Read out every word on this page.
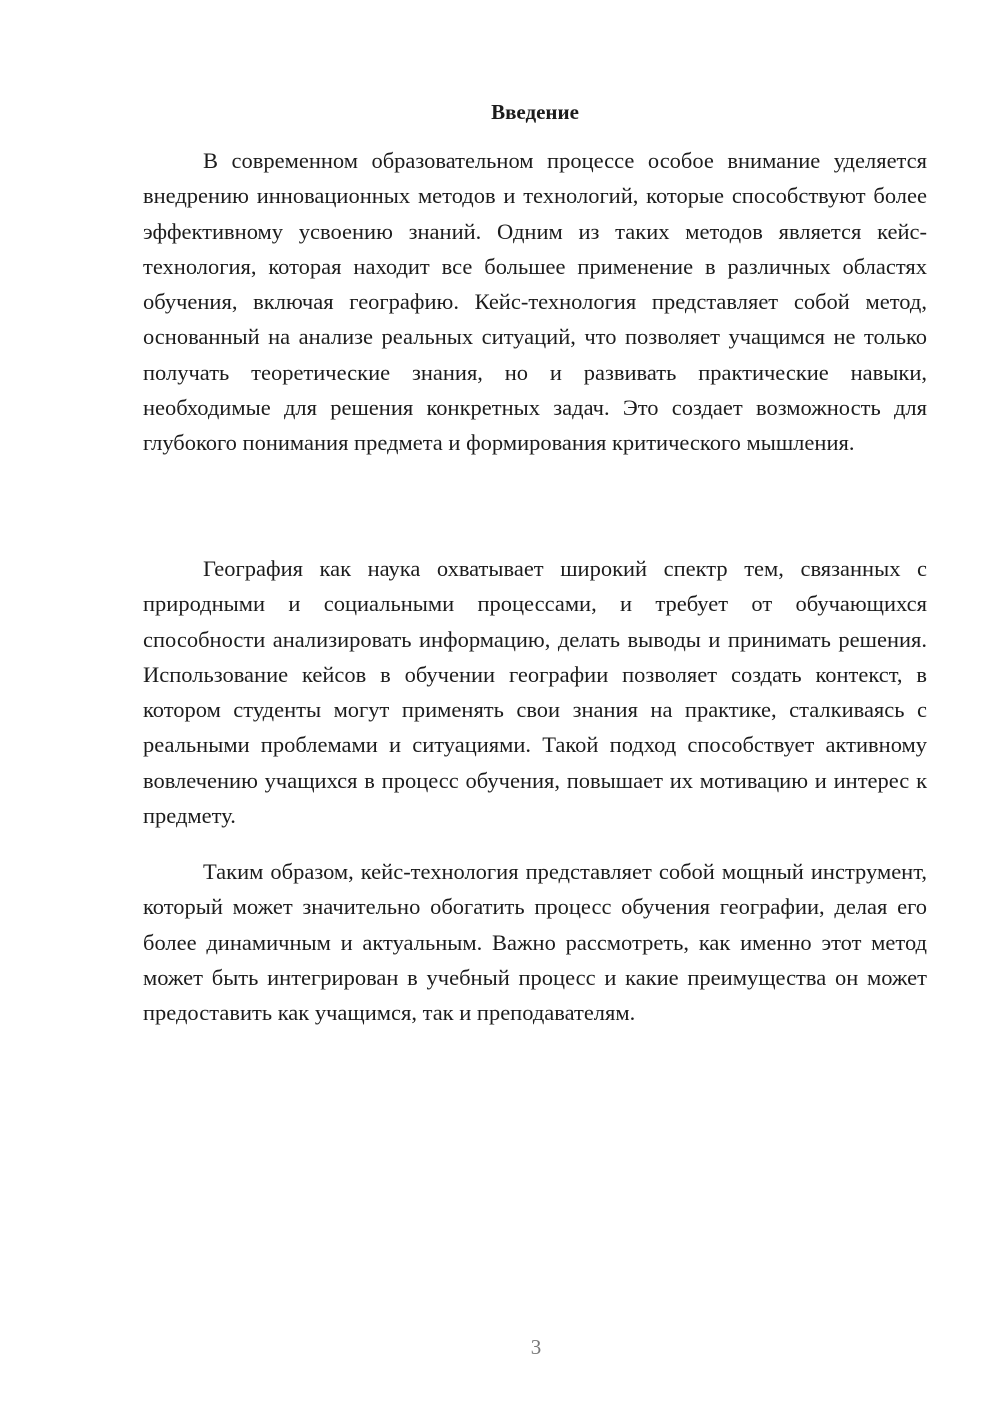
Введение

В современном образовательном процессе особое внимание уделяется внедрению инновационных методов и технологий, которые способствуют более эффективному усвоению знаний. Одним из таких методов является кейс-технология, которая находит все большее применение в различных областях обучения, включая географию. Кейс-технология представляет собой метод, основанный на анализе реальных ситуаций, что позволяет учащимся не только получать теоретические знания, но и развивать практические навыки, необходимые для решения конкретных задач. Это создает возможность для глубокого понимания предмета и формирования критического мышления.

География как наука охватывает широкий спектр тем, связанных с природными и социальными процессами, и требует от обучающихся способности анализировать информацию, делать выводы и принимать решения. Использование кейсов в обучении географии позволяет создать контекст, в котором студенты могут применять свои знания на практике, сталкиваясь с реальными проблемами и ситуациями. Такой подход способствует активному вовлечению учащихся в процесс обучения, повышает их мотивацию и интерес к предмету.

Таким образом, кейс-технология представляет собой мощный инструмент, который может значительно обогатить процесс обучения географии, делая его более динамичным и актуальным. Важно рассмотреть, как именно этот метод может быть интегрирован в учебный процесс и какие преимущества он может предоставить как учащимся, так и преподавателям.

3
